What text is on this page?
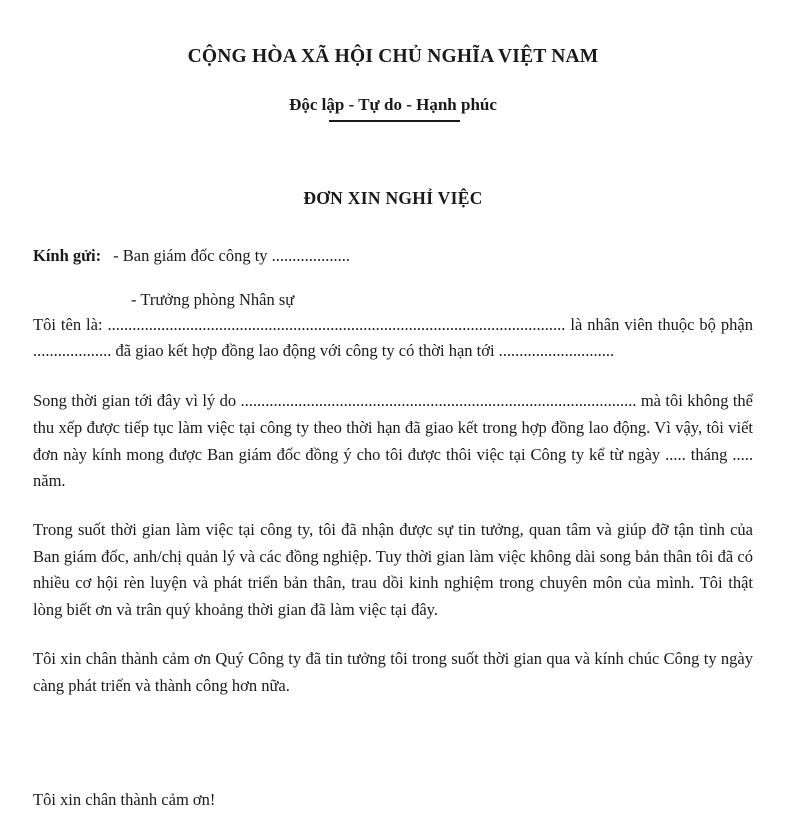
CỘNG HÒA XÃ HỘI CHỦ NGHĨA VIỆT NAM
Độc lập - Tự do - Hạnh phúc
ĐƠN XIN NGHỈ VIỆC
Kính gửi: - Ban giám đốc công ty ...................
- Trưởng phòng Nhân sự

Tôi tên là: ............................................................................................................... là nhân viên thuộc bộ phận ................... đã giao kết hợp đồng lao động với công ty có thời hạn tới ............................

Song thời gian tới đây vì lý do ................................................................................................ mà tôi không thể thu xếp được tiếp tục làm việc tại công ty theo thời hạn đã giao kết trong hợp đồng lao động. Vì vậy, tôi viết đơn này kính mong được Ban giám đốc đồng ý cho tôi được thôi việc tại Công ty kể từ ngày ..... tháng ..... năm.

Trong suốt thời gian làm việc tại công ty, tôi đã nhận được sự tin tưởng, quan tâm và giúp đỡ tận tình của Ban giám đốc, anh/chị quản lý và các đồng nghiệp. Tuy thời gian làm việc không dài song bản thân tôi đã có nhiều cơ hội rèn luyện và phát triển bản thân, trau dồi kinh nghiệm trong chuyên môn của mình. Tôi thật lòng biết ơn và trân quý khoảng thời gian đã làm việc tại đây.

Tôi xin chân thành cảm ơn Quý Công ty đã tin tưởng tôi trong suốt thời gian qua và kính chúc Công ty ngày càng phát triển và thành công hơn nữa.

Tôi xin chân thành cảm ơn!
